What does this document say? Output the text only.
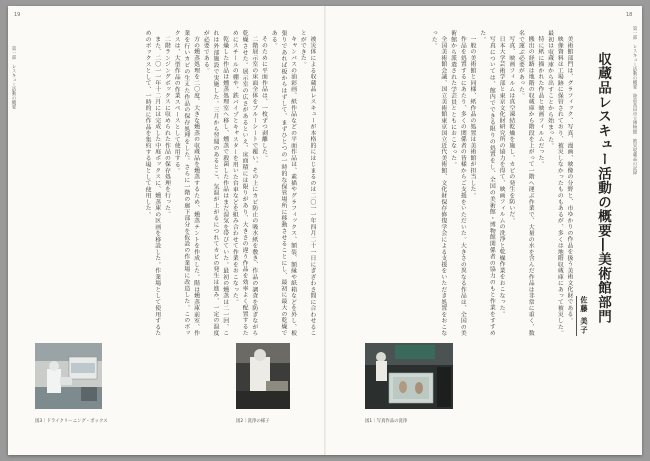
19
第一部　レスキュー活動の概要	被災体による収蔵品レスキューが本格的にはじまるのは二〇一一年四月二十一日にぎざわさ間に合わせることができた。

キャンバスの油彩画、紙作品などの平面作品は、素描やグラフィックス、額装、額縁や紙箱などを外し、板張りであれば板からはずして、まずひとつの一時的な保管場所に移動させることにし、最初に最大の乾燥である。

そのために平面作品は、一枚ずつ剥離した。

二階展示室の床面全体をブルーシートで覆い、その上にカビ防止の吸水紙を敷き、作品の調査を防ぎながら乾燥させた。展示室の広さがあるといえ、床面積には限りがあり、大きさの違う作品を効率よく配置するためにスチールの棚や、鉄パイプとキャスターを用いた台車などを組み合わせて作業をおこなった。

乾燥した作品は燻蒸処理室へ移し、燻蒸で殺菌した作品はまだ湿気を帯びていた。最初の燻蒸は二一回、これは外部施設で実施した。三月から翌週のあるとこ、気温が上がるにつれてカビの発生は進み、一定の温度が必要である。

方の燻蒸処理を二〇度、大きな燻蒸の収蔵品を燻蒸するため、燻蒸テントを作成した。階は燻蒸庫前室、作業を行いカビの生えた作品の保存処理をした。さらに一階の廊下部分を仮設の作業場に改造した。このボックスは、大型作品の作業スペースとして使用する。

二階ランジングボックスに収められた作品の保存処理を行った。

また、二〇一一年十二月には完成した中庭ボックスに、燻蒸庫の区画を移設した。作業場として使用するためのボックスとして、一時的に作品を集約する場として使用した。

18
第一部　レスキュー活動の概要　陸前高田市立博物館　被災収蔵品の記録
収蔵品レスキュー活動の概要―美術館部門
佐藤 美子

美術館部門は、グラフィック、写真、漫画、映像の分野と、市ゆかりの作品を扱う美術文化財である。

映像資料は工場跡に保管されており、被災しなかったものもあるが、多くは地階収蔵庫にあって被災した。最初は収蔵庫から出すことから始まった。

特に紙に描かれた作品と映画フィルムだった。

搬出の経路は地階の収蔵庫から階段を上がって一階へ運ぶ作業で、大量の水を含んだ作品は非常に重く、数名で運ぶ必要があった。

写真、映画フィルムは真空凍結乾燥を施し、カビの発生を防いだ。

日本大学芸術学部と東京文化財研究所の協力を得て、映画フィルムの洗浄と乾燥作業をおこなった。

写真については、館内でできる限りの処置をし、全国の美術館・博物館関係者の協力のもと作業をすすめた。

一般の美術館と同様、紙作品の処置は美術館が担当した。

作品を処置するにあたり、多くの関係者の皆様からご支援をいただいた。大きさの異なる作品は、全国の美術館から派遣された学芸員とともにおこなった。

全国美術館会議、国立美術館東京国立近代美術館、文化財保存修復学会による支援をいただき処置をおこなった。

図3｜ドライクリーニング・ボックス	図2｜洗浄の様子	図1｜写真作品の洗浄
